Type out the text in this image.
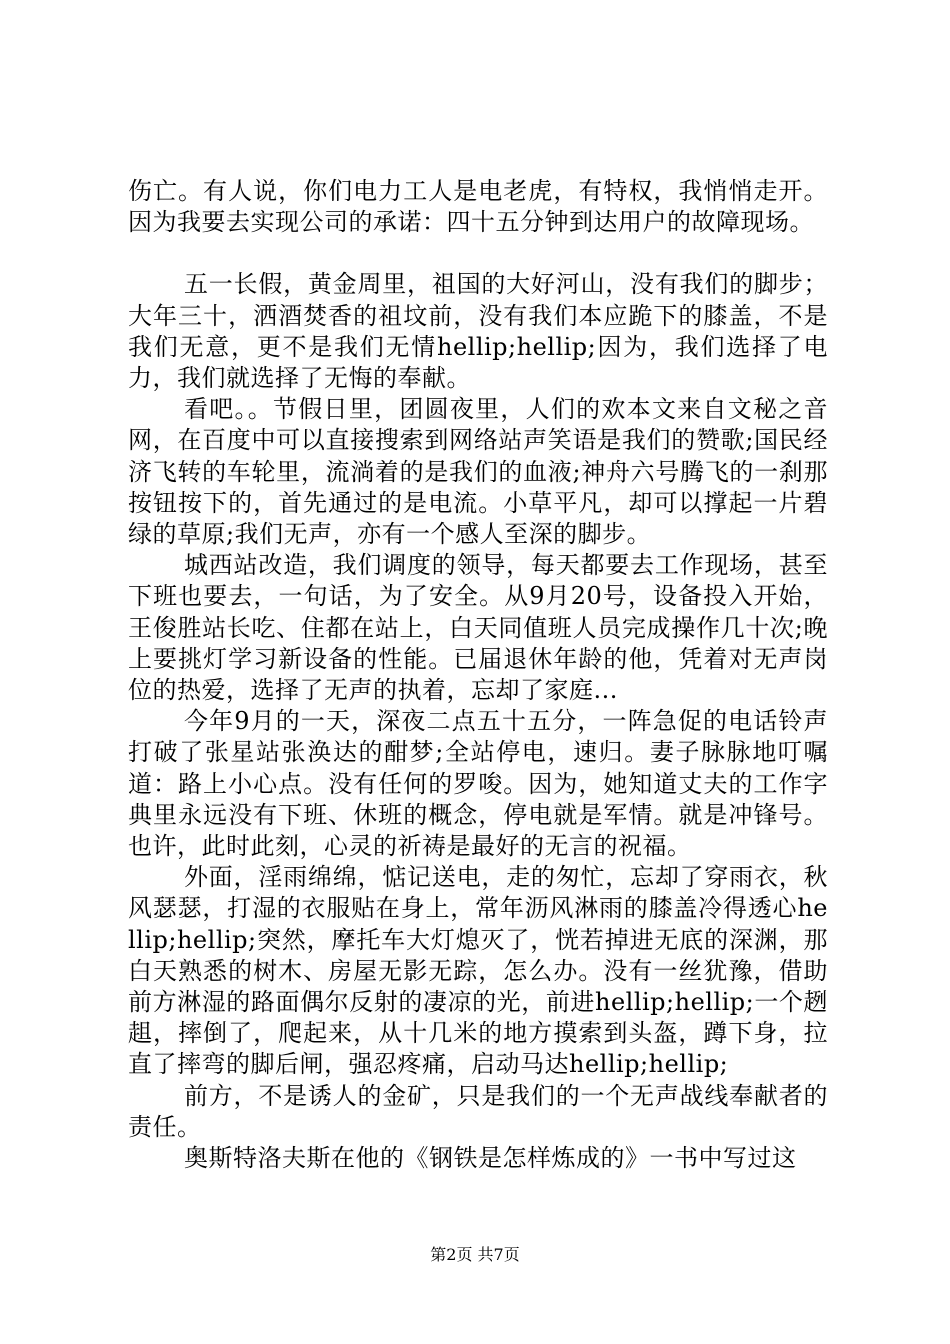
伤亡。有人说，你们电力工人是电老虎，有特权，我悄悄走开。因为我要去实现公司的承诺：四十五分钟到达用户的故障现场。

五一长假，黄金周里，祖国的大好河山，没有我们的脚步；大年三十，洒酒焚香的祖坟前，没有我们本应跪下的膝盖，不是我们无意，更不是我们无情hellip;hellip;因为，我们选择了电力，我们就选择了无悔的奉献。

看吧。。节假日里，团圆夜里，人们的欢本文来自文秘之音网，在百度中可以直接搜索到网络站声笑语是我们的赞歌;国民经济飞转的车轮里，流淌着的是我们的血液;神舟六号腾飞的一刹那按钮按下的，首先通过的是电流。小草平凡，却可以撑起一片碧绿的草原;我们无声，亦有一个感人至深的脚步。

城西站改造，我们调度的领导，每天都要去工作现场，甚至下班也要去，一句话，为了安全。从9月20号，设备投入开始，王俊胜站长吃、住都在站上，白天同值班人员完成操作几十次;晚上要挑灯学习新设备的性能。已届退休年龄的他，凭着对无声岗位的热爱，选择了无声的执着，忘却了家庭...

今年9月的一天，深夜二点五十五分，一阵急促的电话铃声打破了张星站张涣达的酣梦;全站停电，速归。妻子脉脉地叮嘱道：路上小心点。没有任何的罗唆。因为，她知道丈夫的工作字典里永远没有下班、休班的概念，停电就是军情。就是冲锋号。也许，此时此刻，心灵的祈祷是最好的无言的祝福。

外面，淫雨绵绵，惦记送电，走的匆忙，忘却了穿雨衣，秋风瑟瑟，打湿的衣服贴在身上，常年沥风淋雨的膝盖冷得透心hellip;hellip;突然，摩托车大灯熄灭了，恍若掉进无底的深渊，那白天熟悉的树木、房屋无影无踪，怎么办。没有一丝犹豫，借助前方淋湿的路面偶尔反射的凄凉的光，前进hellip;hellip;一个趔趄，摔倒了，爬起来，从十几米的地方摸索到头盔，蹲下身，拉直了摔弯的脚后闸，强忍疼痛，启动马达hellip;hellip;

前方，不是诱人的金矿，只是我们的一个无声战线奉献者的责任。

奥斯特洛夫斯在他的《钢铁是怎样炼成的》一书中写过这

第2页 共7页
